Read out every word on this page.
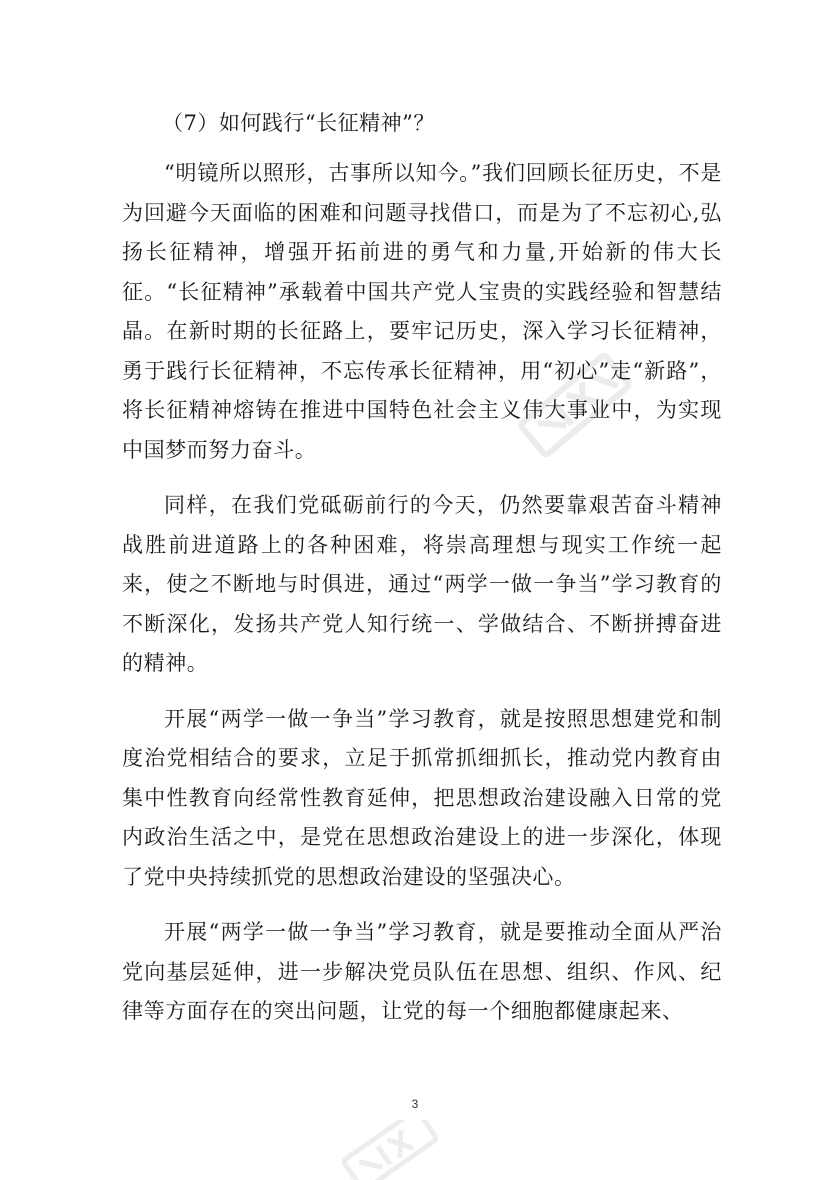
（7）如何践行“长征精神”？

“明镜所以照形，古事所以知今。”我们回顾长征历史，不是为回避今天面临的困难和问题寻找借口，而是为了不忘初心,弘扬长征精神，增强开拓前进的勇气和力量,开始新的伟大长征。“长征精神”承载着中国共产党人宝贵的实践经验和智慧结晶。在新时期的长征路上，要牢记历史，深入学习长征精神，勇于践行长征精神，不忘传承长征精神，用“初心”走“新路”，将长征精神熔铸在推进中国特色社会主义伟大事业中，为实现中国梦而努力奋斗。

同样，在我们党砥砺前行的今天，仍然要靠艰苦奋斗精神战胜前进道路上的各种困难，将崇高理想与现实工作统一起来，使之不断地与时俱进，通过“两学一做一争当”学习教育的不断深化，发扬共产党人知行统一、学做结合、不断拼搏奋进的精神。

开展“两学一做一争当”学习教育，就是按照思想建党和制度治党相结合的要求，立足于抓常抓细抓长，推动党内教育由集中性教育向经常性教育延伸，把思想政治建设融入日常的党内政治生活之中，是党在思想政治建设上的进一步深化，体现了党中央持续抓党的思想政治建设的坚强决心。

开展“两学一做一争当”学习教育，就是要推动全面从严治党向基层延伸，进一步解决党员队伍在思想、组织、作风、纪律等方面存在的突出问题，让党的每一个细胞都健康起来、

3
